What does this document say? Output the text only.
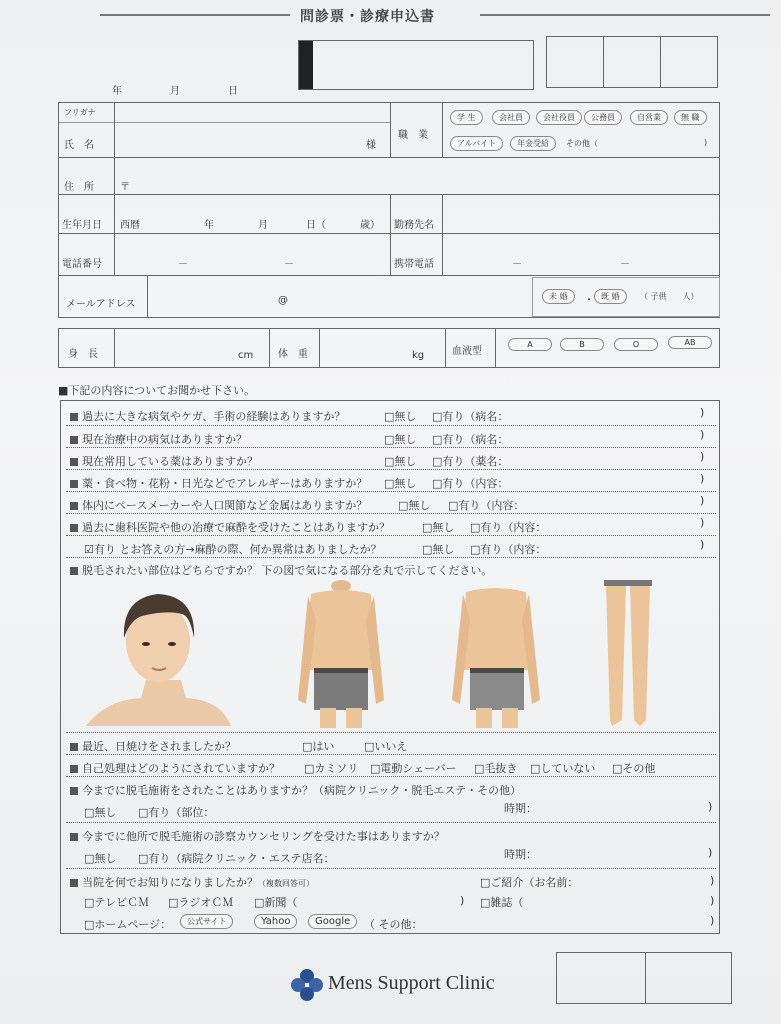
問診票・診療申込書
年	月	日
フリガナ
氏　名	様
職　業
学 生	会社員	会社役員	公務員	自営業	無 職
アルバイト	年金受給	その他（	)
住　所	〒
生年月日 西暦	年	月	日（	歳） 勤務先名
電話番号	－	－	携帯電話	－	－
メールアドレス	@	未 婚	・ 既 婚	（ 子供　　人）
身　長	cm 体　重	kg	血液型
A	B	O	AB
■下記の内容についてお聞かせ下さい。
過去に大きな病気やケガ、手術の経験はありますか？	□無し □有り（病名：	)
現在治療中の病気はありますか？	□無し □有り（病名：	)
現在常用している薬はありますか？	□無し □有り（薬名：	)
薬・食べ物・花粉・日光などでアレルギーはありますか？ □無し □有り（内容：	)
体内にペースメーカーや人口関節など金属はありますか？	□無し □有り（内容：	)
過去に歯科医院や他の治療で麻酔を受けたことはありますか？	□無し □有り（内容：	)
☑有り とお答えの方→麻酔の際、何か異常はありましたか？	□無し □有り（内容：	)
脱毛されたい部位はどちらですか？ 下の図で気になる部分を丸で示してください。
最近、日焼けをされましたか？	□はい	□いいえ
自己処理はどのようにされていますか？ □カミソリ □電動シェーバー □毛抜き □していない □その他
今までに脱毛施術をされたことはありますか？（病院クリニック・脱毛エステ・その他）
□無し □有り（部位：	時期：	)
今までに他所で脱毛施術の診察カウンセリングを受けた事はありますか？
□無し □有り（病院クリニック・エステ店名：	時期：	)
当院を何でお知りになりましたか？（複数回答可）	□ご紹介（お名前：	)
□テレビＣＭ □ラジオＣＭ □新聞（	) □雑誌（	)
□ホームページ：	公式サイト	Yahoo	Google	（ その他：	)
Mens Support Clinic
